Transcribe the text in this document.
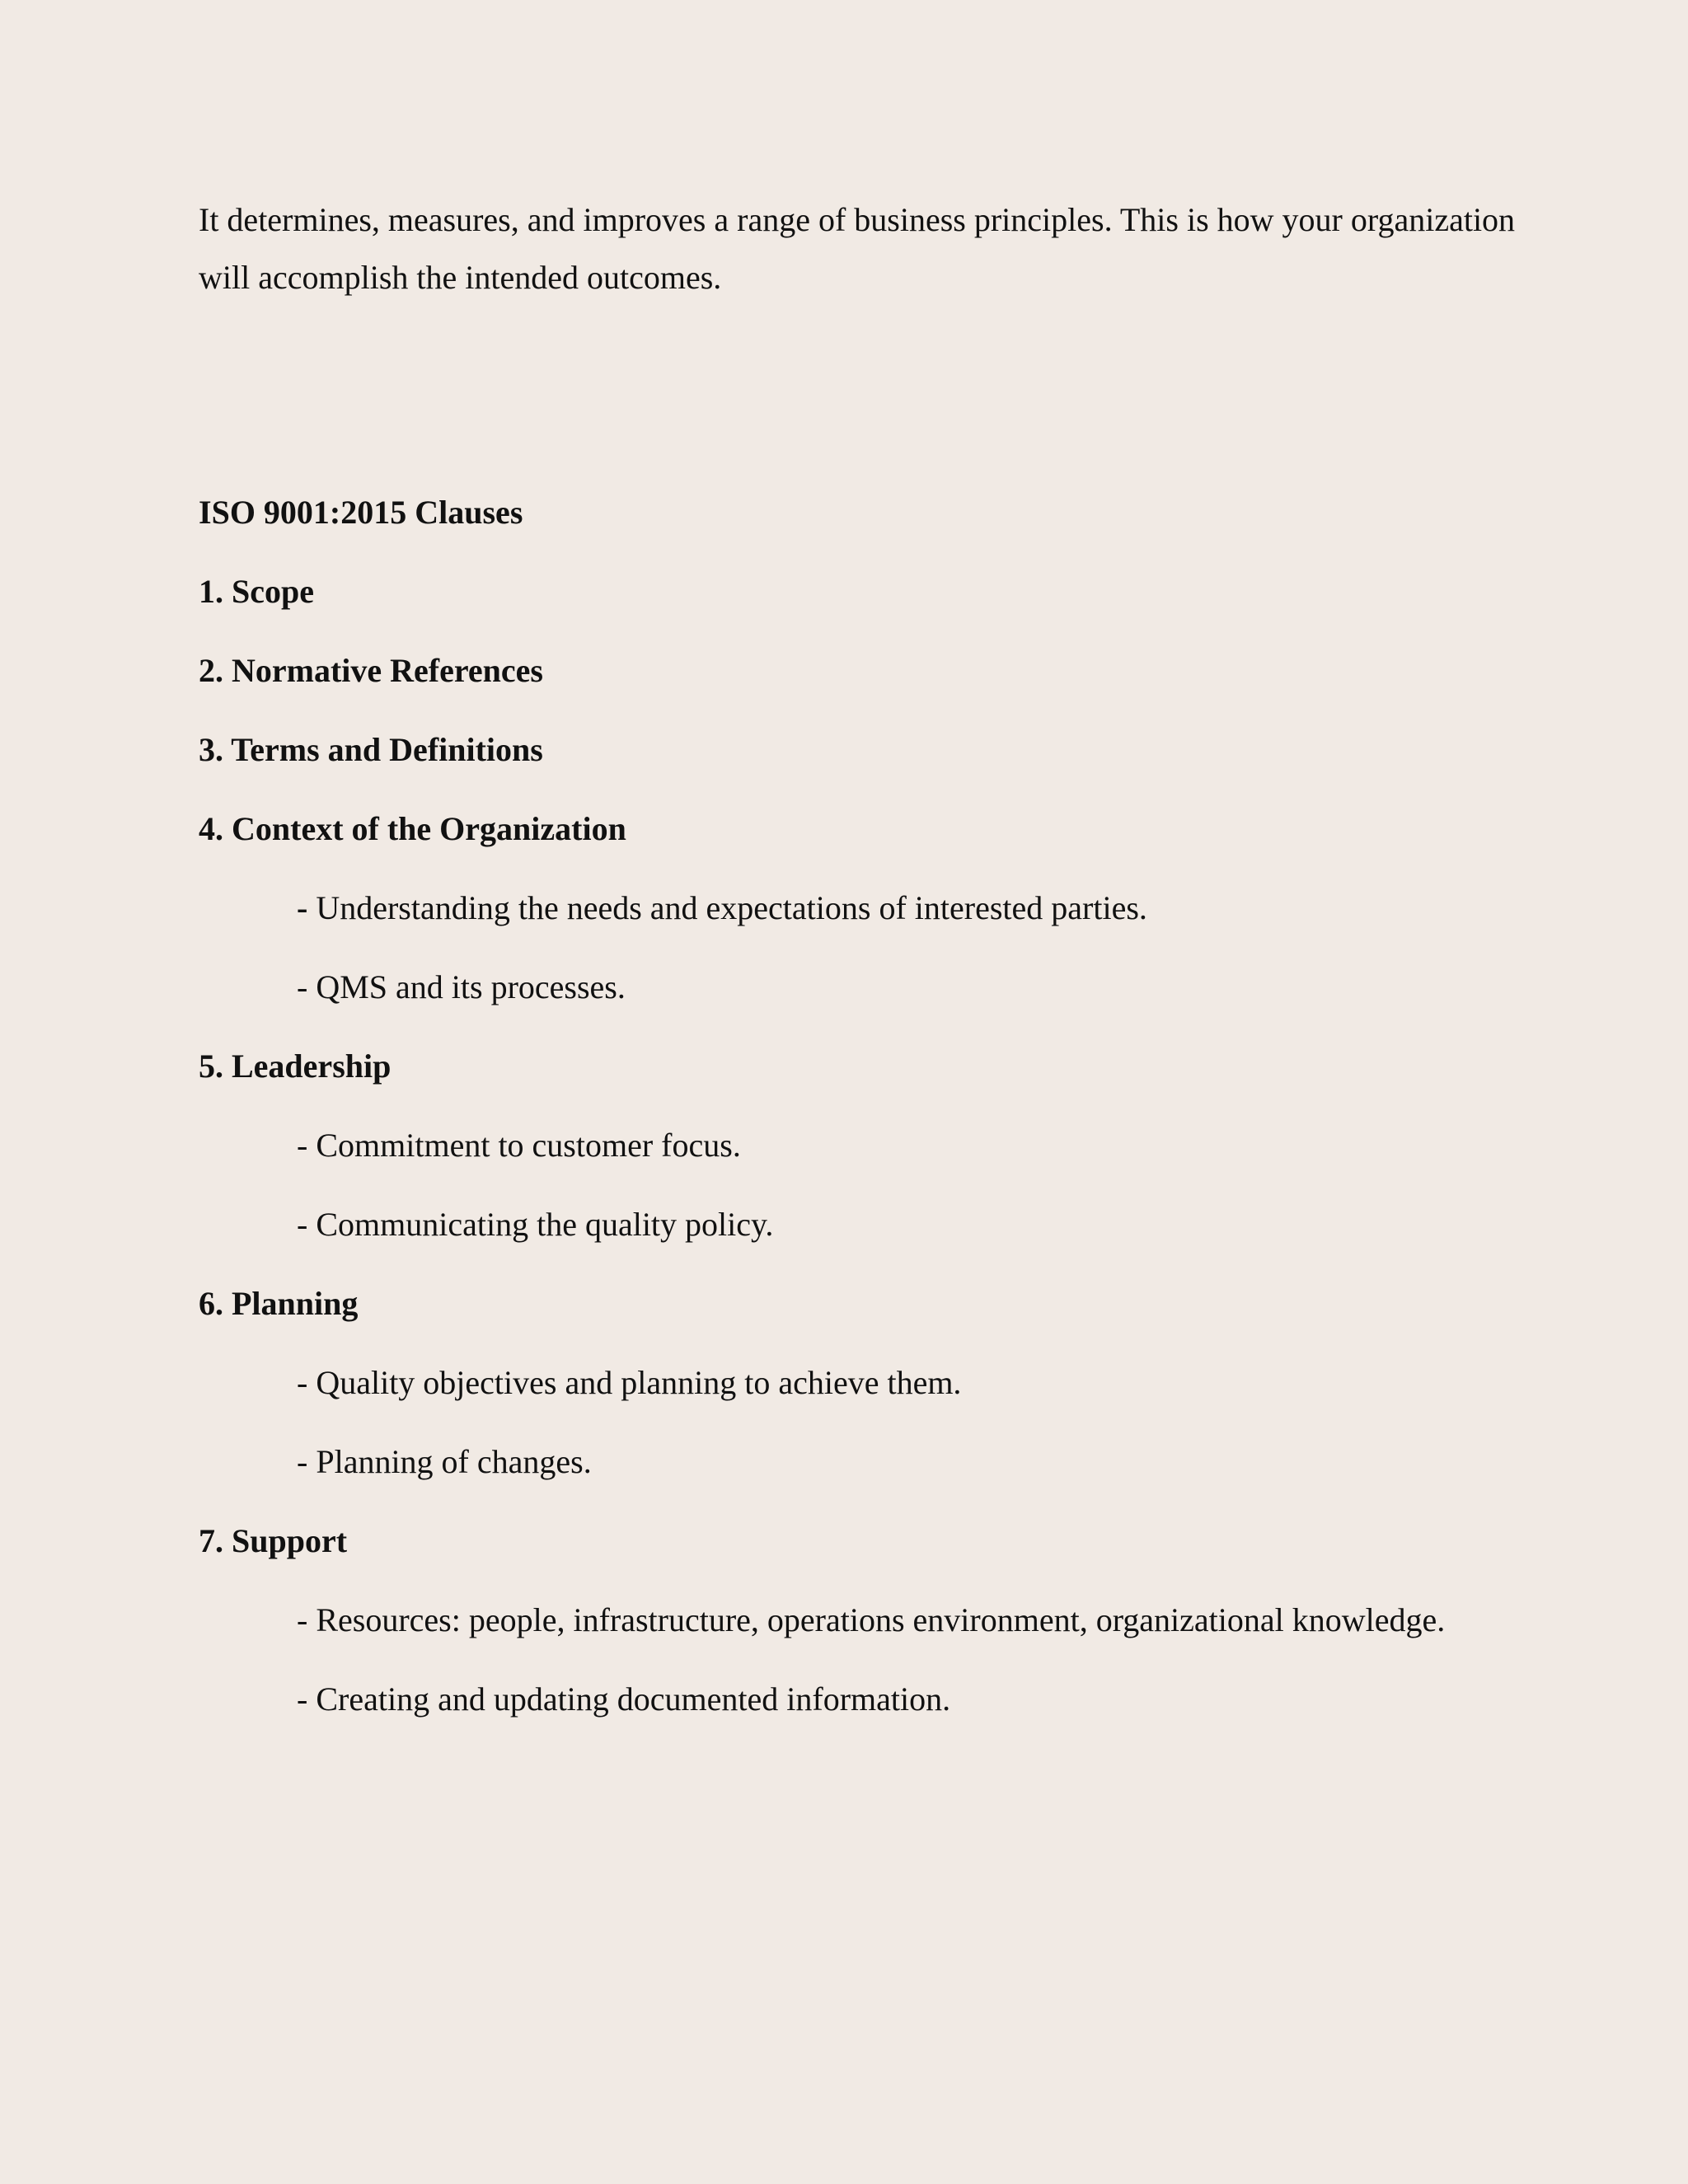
It determines, measures, and improves a range of business principles. This is how your organization will accomplish the intended outcomes.

ISO 9001:2015 Clauses

1. Scope

2. Normative References

3. Terms and Definitions

4. Context of the Organization

- Understanding the needs and expectations of interested parties.

- QMS and its processes.

5. Leadership

- Commitment to customer focus.

- Communicating the quality policy.

6. Planning

- Quality objectives and planning to achieve them.

- Planning of changes.

7. Support

- Resources: people, infrastructure, operations environment, organizational knowledge.

- Creating and updating documented information.
